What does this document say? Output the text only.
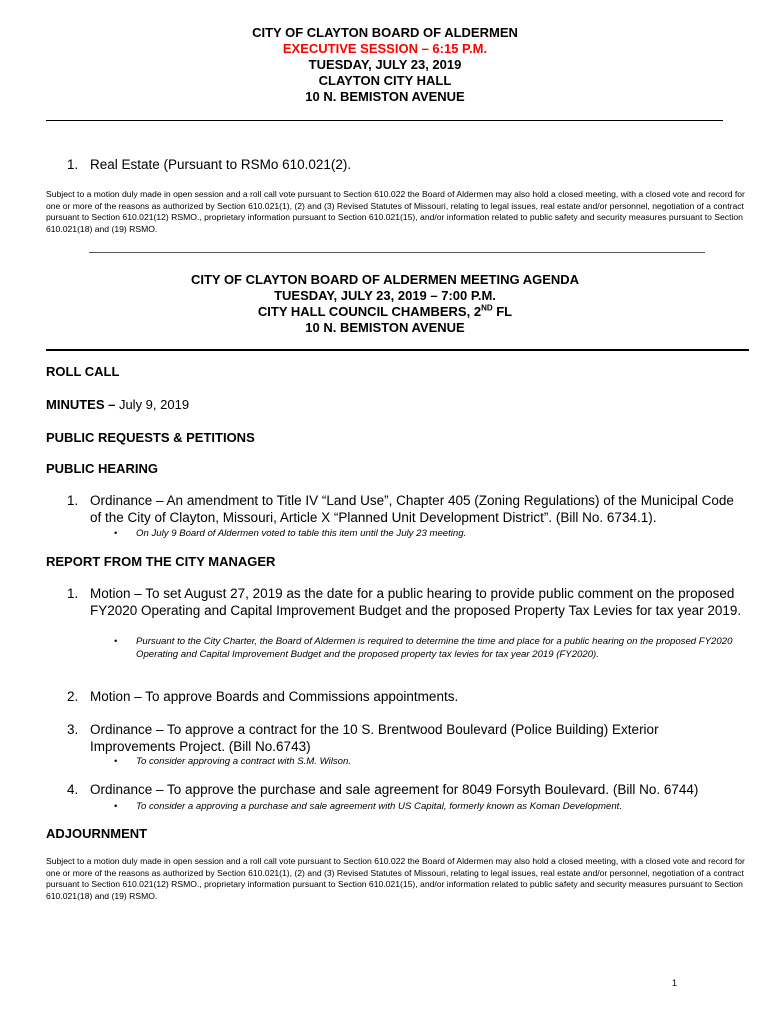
CITY OF CLAYTON BOARD OF ALDERMEN
EXECUTIVE SESSION – 6:15 P.M.
TUESDAY, JULY 23, 2019
CLAYTON CITY HALL
10 N. BEMISTON AVENUE
1. Real Estate (Pursuant to RSMo 610.021(2).
Subject to a motion duly made in open session and a roll call vote pursuant to Section 610.022 the Board of Aldermen may also hold a closed meeting, with a closed vote and record for one or more of the reasons as authorized by Section 610.021(1), (2) and (3) Revised Statutes of Missouri, relating to legal issues, real estate and/or personnel, negotiation of a contract pursuant to Section 610.021(12) RSMO., proprietary information pursuant to Section 610.021(15), and/or information related to public safety and security measures pursuant to Section 610.021(18) and (19) RSMO.
CITY OF CLAYTON BOARD OF ALDERMEN MEETING AGENDA
TUESDAY, JULY 23, 2019 – 7:00 P.M.
CITY HALL COUNCIL CHAMBERS, 2ND FL
10 N. BEMISTON AVENUE
ROLL CALL
MINUTES – July 9, 2019
PUBLIC REQUESTS & PETITIONS
PUBLIC HEARING
1. Ordinance – An amendment to Title IV “Land Use”, Chapter 405 (Zoning Regulations) of the Municipal Code of the City of Clayton, Missouri, Article X “Planned Unit Development District”. (Bill No. 6734.1).
• On July 9 Board of Aldermen voted to table this item until the July 23 meeting.
REPORT FROM THE CITY MANAGER
1. Motion – To set August 27, 2019 as the date for a public hearing to provide public comment on the proposed FY2020 Operating and Capital Improvement Budget and the proposed Property Tax Levies for tax year 2019.
• Pursuant to the City Charter, the Board of Aldermen is required to determine the time and place for a public hearing on the proposed FY2020 Operating and Capital Improvement Budget and the proposed property tax levies for tax year 2019 (FY2020).
2. Motion – To approve Boards and Commissions appointments.
3. Ordinance – To approve a contract for the 10 S. Brentwood Boulevard (Police Building) Exterior Improvements Project. (Bill No.6743)
• To consider approving a contract with S.M. Wilson.
4. Ordinance – To approve the purchase and sale agreement for 8049 Forsyth Boulevard. (Bill No. 6744)
• To consider a approving a purchase and sale agreement with US Capital, formerly known as Koman Development.
ADJOURNMENT
Subject to a motion duly made in open session and a roll call vote pursuant to Section 610.022 the Board of Aldermen may also hold a closed meeting, with a closed vote and record for one or more of the reasons as authorized by Section 610.021(1), (2) and (3) Revised Statutes of Missouri, relating to legal issues, real estate and/or personnel, negotiation of a contract pursuant to Section 610.021(12) RSMO., proprietary information pursuant to Section 610.021(15), and/or information related to public safety and security measures pursuant to Section 610.021(18) and (19) RSMO.
1
